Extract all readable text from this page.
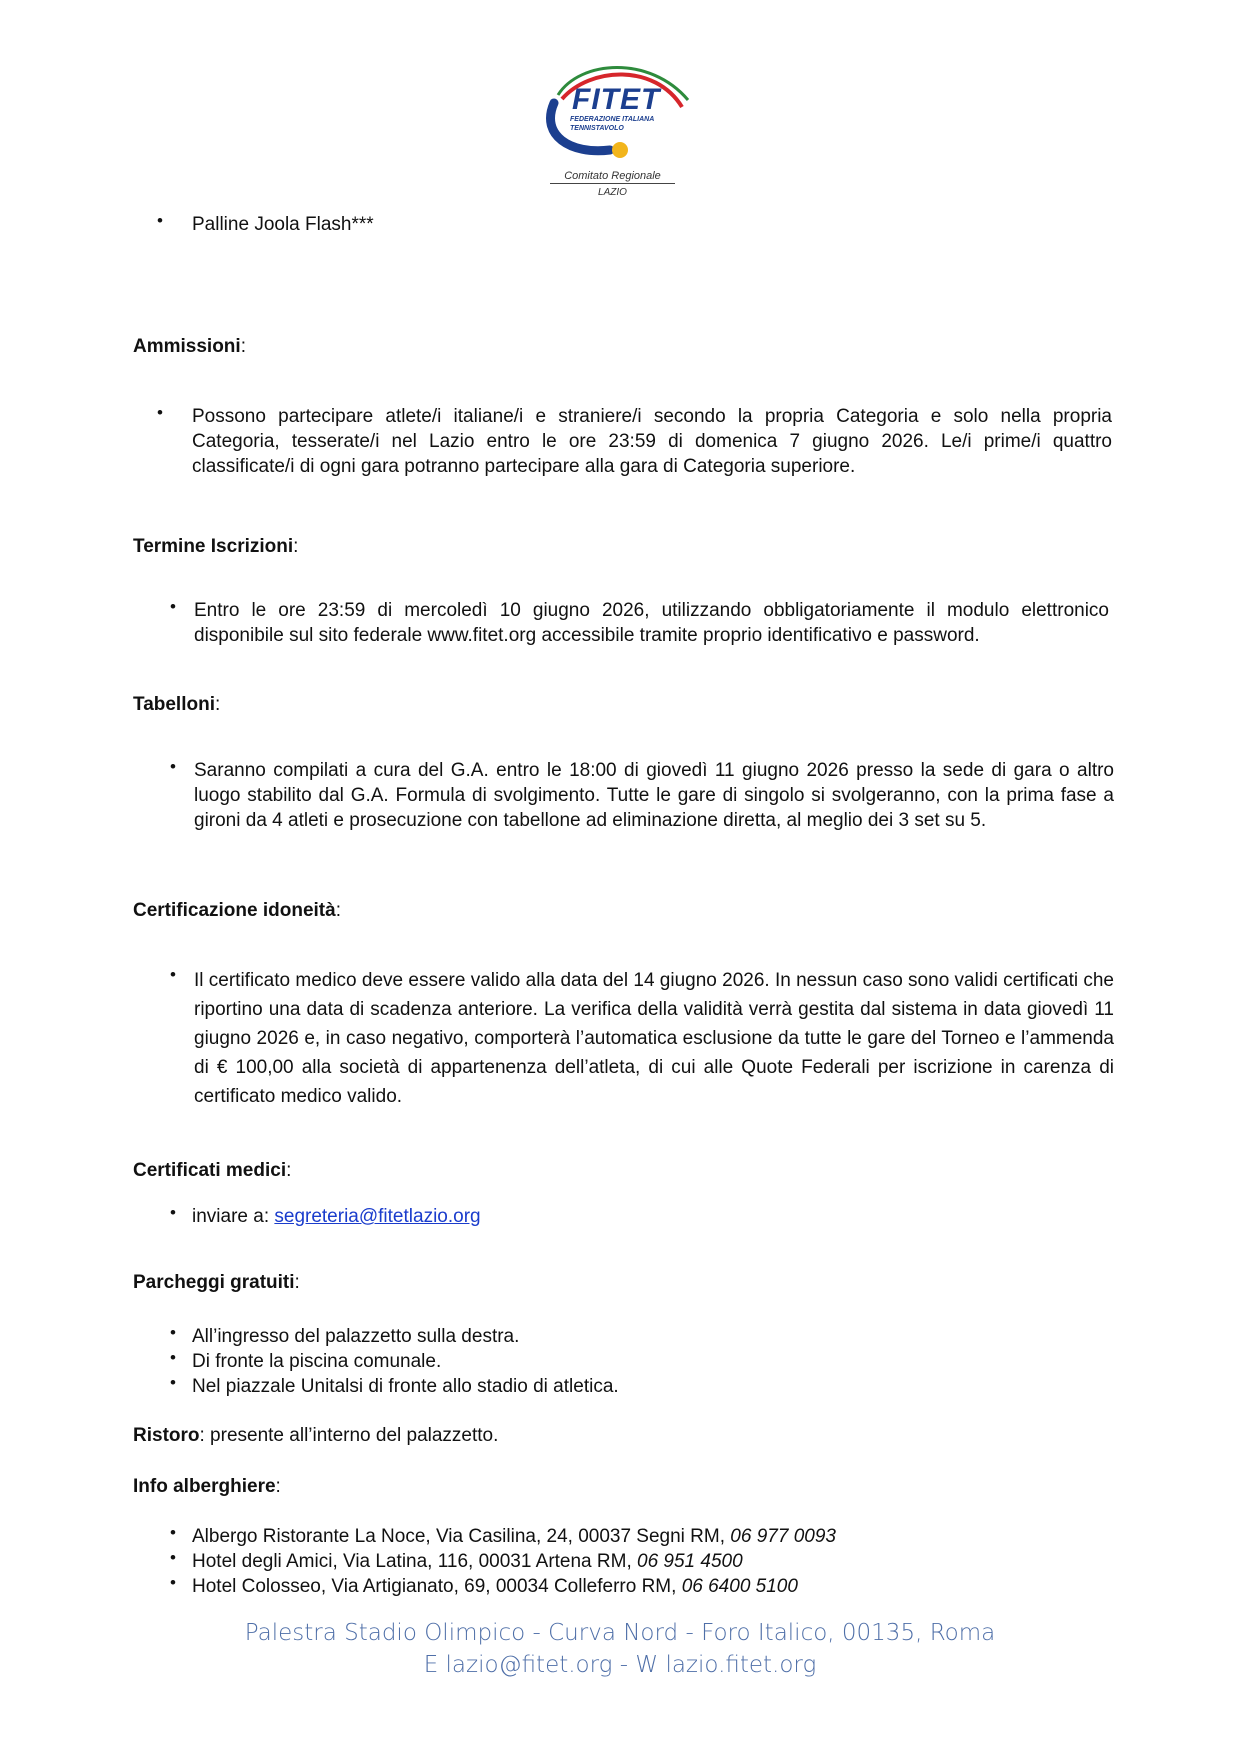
FITET
FEDERAZIONE ITALIANA TENNISTAVOLO
Comitato Regionale
LAZIO
• Palline Joola Flash***
Ammissioni:
• Possono partecipare atlete/i italiane/i e straniere/i secondo la propria Categoria e solo nella propria Categoria, tesserate/i nel Lazio entro le ore 23:59 di domenica 7 giugno 2026. Le/i prime/i quattro classificate/i di ogni gara potranno partecipare alla gara di Categoria superiore.
Termine Iscrizioni:
• Entro le ore 23:59 di mercoledì 10 giugno 2026, utilizzando obbligatoriamente il modulo elettronico disponibile sul sito federale www.fitet.org accessibile tramite proprio identificativo e password.
Tabelloni:
• Saranno compilati a cura del G.A. entro le 18:00 di giovedì 11 giugno 2026 presso la sede di gara o altro luogo stabilito dal G.A. Formula di svolgimento. Tutte le gare di singolo si svolgeranno, con la prima fase a gironi da 4 atleti e prosecuzione con tabellone ad eliminazione diretta, al meglio dei 3 set su 5.
Certificazione idoneità:
• Il certificato medico deve essere valido alla data del 14 giugno 2026. In nessun caso sono validi certificati che riportino una data di scadenza anteriore. La verifica della validità verrà gestita dal sistema in data giovedì 11 giugno 2026 e, in caso negativo, comporterà l’automatica esclusione da tutte le gare del Torneo e l’ammenda di € 100,00 alla società di appartenenza dell’atleta, di cui alle Quote Federali per iscrizione in carenza di certificato medico valido.
Certificati medici:
• inviare a: segreteria@fitetlazio.org
Parcheggi gratuiti:
• All’ingresso del palazzetto sulla destra.
• Di fronte la piscina comunale.
• Nel piazzale Unitalsi di fronte allo stadio di atletica.
Ristoro: presente all’interno del palazzetto.
Info alberghiere:
• Albergo Ristorante La Noce, Via Casilina, 24, 00037 Segni RM, 06 977 0093
• Hotel degli Amici, Via Latina, 116, 00031 Artena RM, 06 951 4500
• Hotel Colosseo, Via Artigianato, 69, 00034 Colleferro RM, 06 6400 5100
Palestra Stadio Olimpico - Curva Nord - Foro Italico, 00135, Roma
E lazio@fitet.org - W lazio.fitet.org
